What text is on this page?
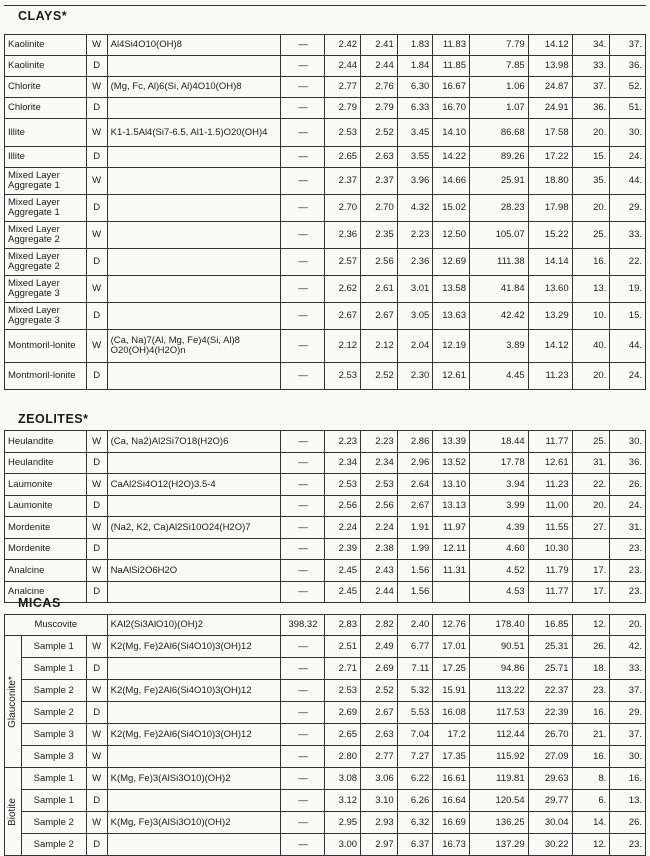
CLAYS*
Kaolinite	W	Al4Si4O10(OH)8	—	2.42	2.41	1.83	11.83	7.79	14.12	34.	37.
Kaolinite	D		—	2.44	2.44	1.84	11.85	7.85	13.98	33.	36.
Chlorite	W	(Mg, Fc, Al)6(Si, Al)4O10(OH)8	—	2.77	2.76	6.30	16.67	1.06	24.87	37.	52.
Chlorite	D		—	2.79	2.79	6.33	16.70	1.07	24.91	36.	51.
Illite	W	K1-1.5Al4(Si7-6.5, Al1-1.5)O20(OH)4	—	2.53	2.52	3.45	14.10	86.68	17.58	20.	30.
Illite	D		—	2.65	2.63	3.55	14.22	89.26	17.22	15.	24.
Mixed Layer Aggregate 1	W		—	2.37	2.37	3.96	14.66	25.91	18.80	35.	44.
Mixed Layer Aggregate 1	D		—	2.70	2.70	4.32	15.02	28.23	17.98	20.	29.
Mixed Layer Aggregate 2	W		—	2.36	2.35	2.23	12.50	105.07	15.22	25.	33.
Mixed Layer Aggregate 2	D		—	2.57	2.56	2.36	12.69	111.38	14.14	16.	22.
Mixed Layer Aggregate 3	W		—	2.62	2.61	3.01	13.58	41.84	13.60	13.	19.
Mixed Layer Aggregate 3	D		—	2.67	2.67	3.05	13.63	42.42	13.29	10.	15.
Montmoril-lonite	W	(Ca, Na)7(Al, Mg, Fe)4(Si, Al)8 O20(OH)4(H2O)n	—	2.12	2.12	2.04	12.19	3.89	14.12	40.	44.
Montmoril-lonite	D		—	2.53	2.52	2.30	12.61	4.45	11.23	20.	24.
ZEOLITES*
Heulandite	W	(Ca, Na2)Al2Si7O18(H2O)6	—	2.23	2.23	2.86	13.39	18.44	11.77	25.	30.
Heulandite	D		—	2.34	2.34	2.96	13.52	17.78	12.61	31.	36.
Laumonite	W	CaAl2Si4O12(H2O)3.5-4	—	2.53	2.53	2.64	13.10	3.94	11.23	22.	26.
Laumonite	D		—	2.56	2.56	2.67	13.13	3.99	11.00	20.	24.
Mordenite	W	(Na2, K2, Ca)Al2Si10O24(H2O)7	—	2.24	2.24	1.91	11.97	4.39	11.55	27.	31.
Mordenite	D		—	2.39	2.38	1.99	12.11	4.60	10.30		23.
Analcine	W	NaAlSi2O6H2O	—	2.45	2.43	1.56	11.31	4.52	11.79	17.	23.
Analcine	D		—	2.45	2.44	1.56		4.53	11.77	17.	23.
MICAS
Muscovite			KAl2(Si3AlO10)(OH)2	398.32	2.83	2.82	2.40	12.76	178.40	16.85	12.	20.

Glauconite*	Sample 1	W	K2(Mg, Fe)2Al6(Si4O10)3(OH)12	—	2.51	2.49	6.77	17.01	90.51	25.31	26.	42.
	Sample 1	D		—	2.71	2.69	7.11	17.25	94.86	25.71	18.	33.
	Sample 2	W	K2(Mg, Fe)2Al6(Si4O10)3(OH)12	—	2.53	2.52	5.32	15.91	113.22	22.37	23.	37.
	Sample 2	D		—	2.69	2.67	5.53	16.08	117.53	22.39	16.	29.
	Sample 3	W	K2(Mg, Fe)2Al6(Si4O10)3(OH)12	—	2.65	2.63	7.04	17.2	112.44	26.70	21.	37.
	Sample 3	W		—	2.80	2.77	7.27	17.35	115.92	27.09	16.	30.

Biotite	Sample 1	W	K(Mg, Fe)3(AlSi3O10)(OH)2	—	3.08	3.06	6.22	16.61	119.81	29.63	8.	16.
	Sample 1	D		—	3.12	3.10	6.26	16.64	120.54	29.77	6.	13.
	Sample 2	W	K(Mg, Fe)3(AlSi3O10)(OH)2	—	2.95	2.93	6.32	16.69	136.25	30.04	14.	26.
	Sample 2	D		—	3.00	2.97	6.37	16.73	137.29	30.22	12.	23.
